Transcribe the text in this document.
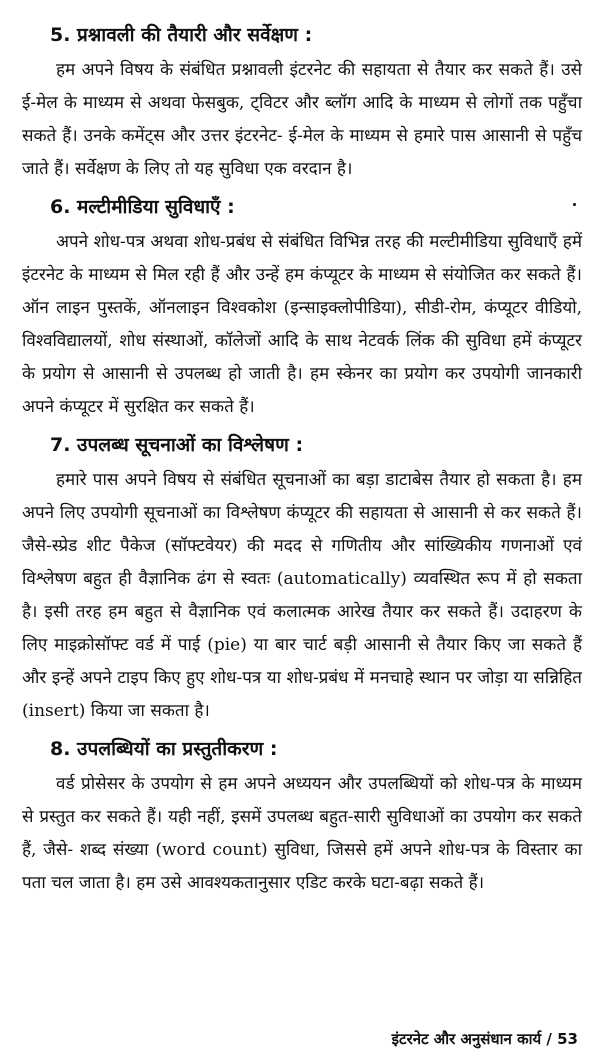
5. प्रश्नावली की तैयारी और सर्वेक्षण :

हम अपने विषय के संबंधित प्रश्नावली इंटरनेट की सहायता से तैयार कर सकते हैं। उसे ई-मेल के माध्यम से अथवा फेसबुक, ट्विटर और ब्लॉग आदि के माध्यम से लोगों तक पहुँचा सकते हैं। उनके कमेंट्स और उत्तर इंटरनेट- ई-मेल के माध्यम से हमारे पास आसानी से पहुँच जाते हैं। सर्वेक्षण के लिए तो यह सुविधा एक वरदान है।

6. मल्टीमीडिया सुविधाएँ :

अपने शोध-पत्र अथवा शोध-प्रबंध से संबंधित विभिन्न तरह की मल्टीमीडिया सुविधाएँ हमें इंटरनेट के माध्यम से मिल रही हैं और उन्हें हम कंप्यूटर के माध्यम से संयोजित कर सकते हैं। ऑन लाइन पुस्तकें, ऑनलाइन विश्वकोश (इन्साइक्लोपीडिया), सीडी-रोम, कंप्यूटर वीडियो, विश्वविद्यालयों, शोध संस्थाओं, कॉलेजों आदि के साथ नेटवर्क लिंक की सुविधा हमें कंप्यूटर के प्रयोग से आसानी से उपलब्ध हो जाती है। हम स्केनर का प्रयोग कर उपयोगी जानकारी अपने कंप्यूटर में सुरक्षित कर सकते हैं।

7. उपलब्ध सूचनाओं का विश्लेषण :

हमारे पास अपने विषय से संबंधित सूचनाओं का बड़ा डाटाबेस तैयार हो सकता है। हम अपने लिए उपयोगी सूचनाओं का विश्लेषण कंप्यूटर की सहायता से आसानी से कर सकते हैं। जैसे-स्प्रेड शीट पैकेज (सॉफ्टवेयर) की मदद से गणितीय और सांख्यिकीय गणनाओं एवं विश्लेषण बहुत ही वैज्ञानिक ढंग से स्वतः (automatically) व्यवस्थित रूप में हो सकता है। इसी तरह हम बहुत से वैज्ञानिक एवं कलात्मक आरेख तैयार कर सकते हैं। उदाहरण के लिए माइक्रोसॉफ्ट वर्ड में पाई (pie) या बार चार्ट बड़ी आसानी से तैयार किए जा सकते हैं और इन्हें अपने टाइप किए हुए शोध-पत्र या शोध-प्रबंध में मनचाहे स्थान पर जोड़ा या सन्निहित (insert) किया जा सकता है।

8. उपलब्धियों का प्रस्तुतीकरण :

वर्ड प्रोसेसर के उपयोग से हम अपने अध्ययन और उपलब्धियों को शोध-पत्र के माध्यम से प्रस्तुत कर सकते हैं। यही नहीं, इसमें उपलब्ध बहुत-सारी सुविधाओं का उपयोग कर सकते हैं, जैसे- शब्द संख्या (word count) सुविधा, जिससे हमें अपने शोध-पत्र के विस्तार का पता चल जाता है। हम उसे आवश्यकतानुसार एडिट करके घटा-बढ़ा सकते हैं।

इंटरनेट और अनुसंधान कार्य / 53
